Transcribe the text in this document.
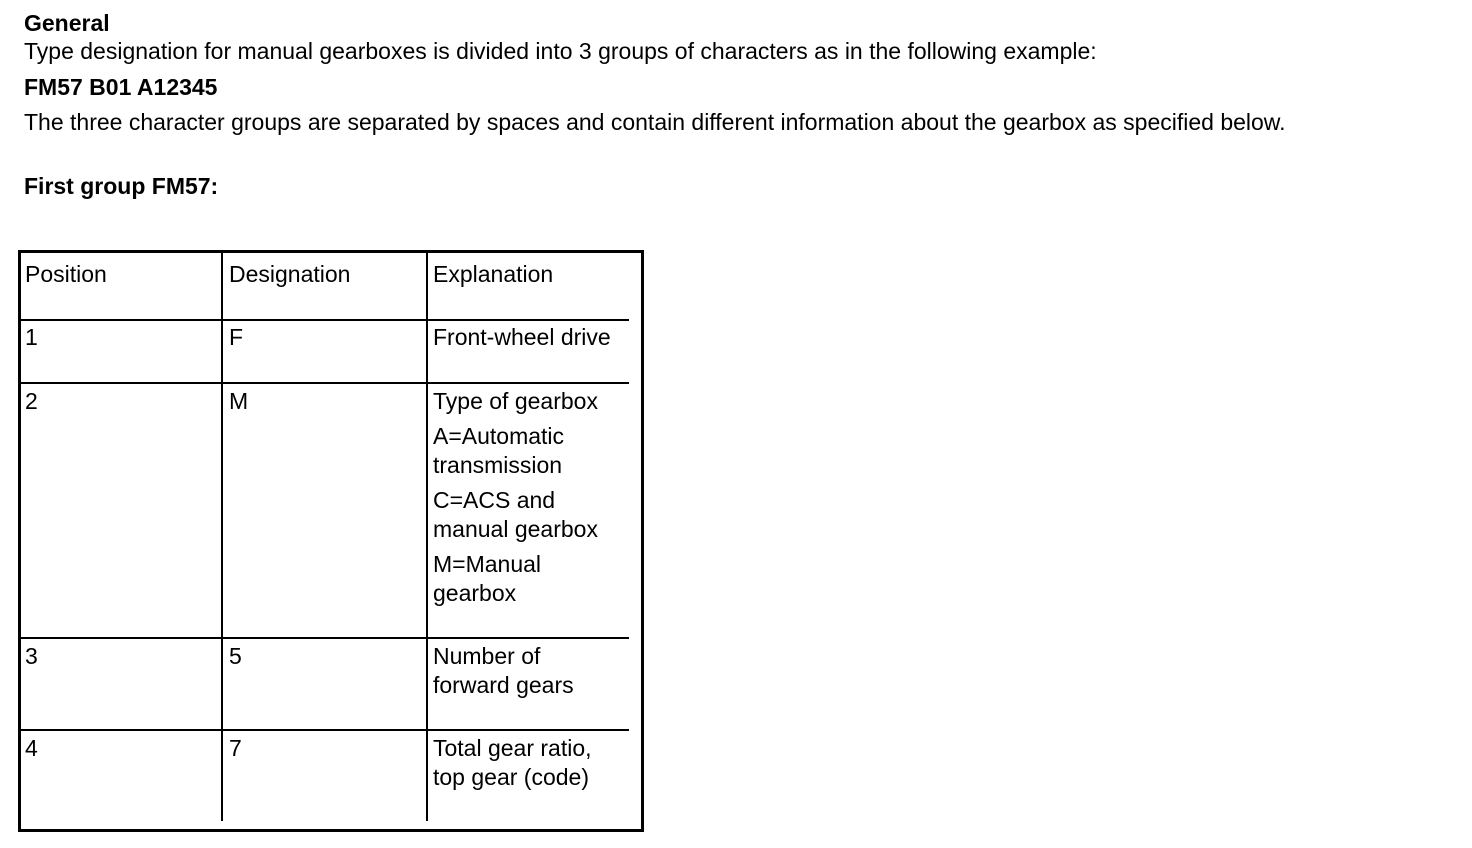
General
Type designation for manual gearboxes is divided into 3 groups of characters as in the following example:
FM57 B01 A12345
The three character groups are separated by spaces and contain different information about the gearbox as specified below.
First group FM57:
Position	Designation	Explanation
1	F	Front-wheel drive

2	M	Type of gearbox

A=Automatic
transmission

C=ACS and
manual gearbox

M=Manual
gearbox

3	5	Number of
forward gears

4	7	Total gear ratio,
top gear (code)
